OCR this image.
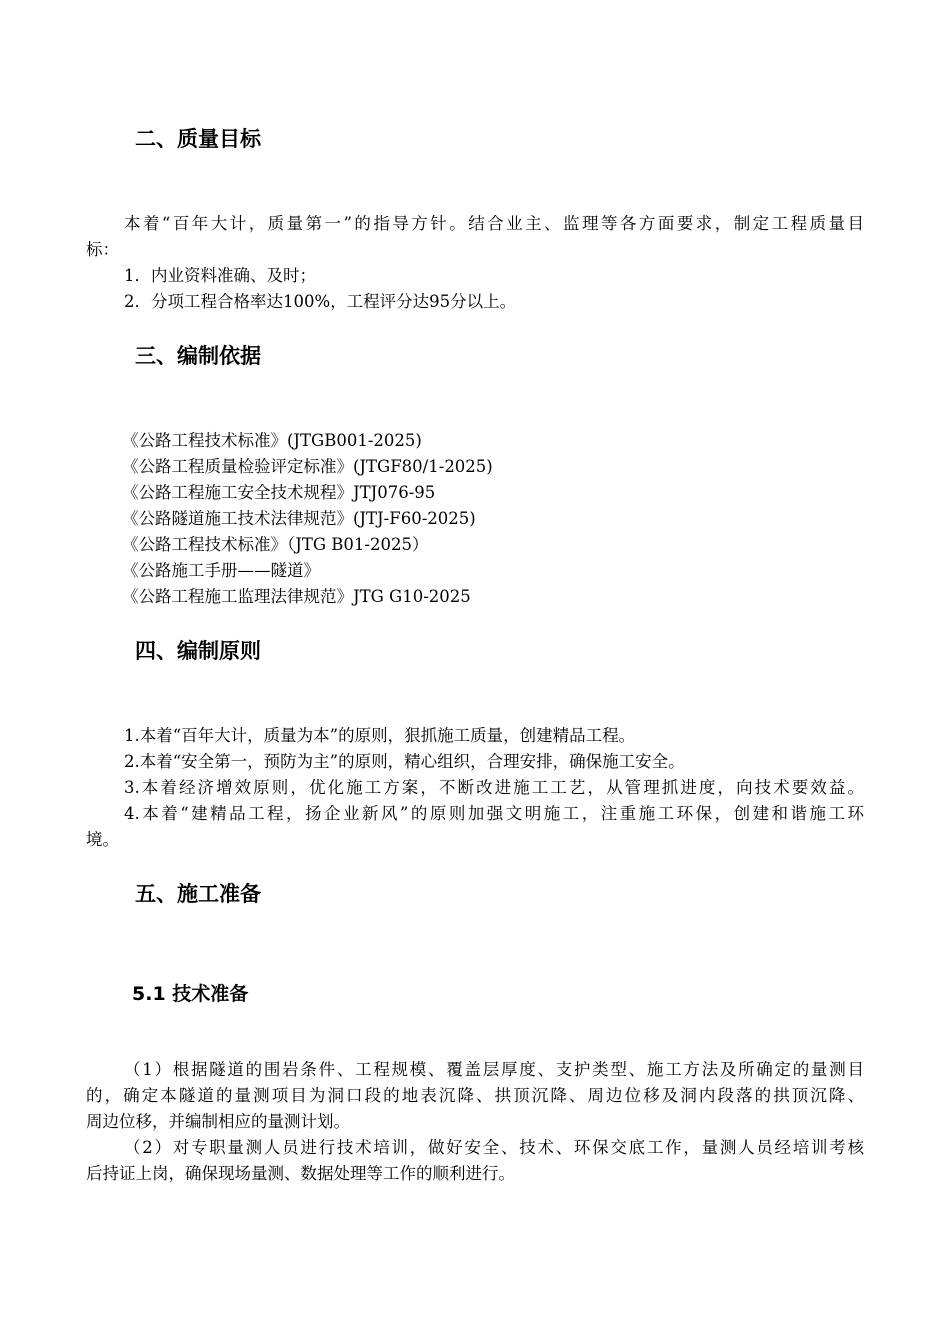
二、质量目标

本着“百年大计，质量第一”的指导方针。结合业主、监理等各方面要求，制定工程质量目

标：

1．内业资料准确、及时；

2．分项工程合格率达100%，工程评分达95分以上。

三、编制依据

《公路工程技术标准》(JTGB001-2025)

《公路工程质量检验评定标准》(JTGF80/1-2025)

《公路工程施工安全技术规程》JTJ076-95

《公路隧道施工技术法律规范》(JTJ-F60-2025)

《公路工程技术标准》（JTG B01-2025）

《公路施工手册——隧道》

《公路工程施工监理法律规范》JTG G10-2025

四、编制原则

1.本着“百年大计，质量为本”的原则，狠抓施工质量，创建精品工程。

2.本着“安全第一，预防为主”的原则，精心组织，合理安排，确保施工安全。

3.本着经济增效原则，优化施工方案，不断改进施工工艺，从管理抓进度，向技术要效益。

4.本着“建精品工程，扬企业新风”的原则加强文明施工，注重施工环保，创建和谐施工环

境。

五、施工准备
5.1 技术准备

（1）根据隧道的围岩条件、工程规模、覆盖层厚度、支护类型、施工方法及所确定的量测目

的，确定本隧道的量测项目为洞口段的地表沉降、拱顶沉降、周边位移及洞内段落的拱顶沉降、

周边位移，并编制相应的量测计划。

（2）对专职量测人员进行技术培训，做好安全、技术、环保交底工作，量测人员经培训考核

后持证上岗，确保现场量测、数据处理等工作的顺利进行。
